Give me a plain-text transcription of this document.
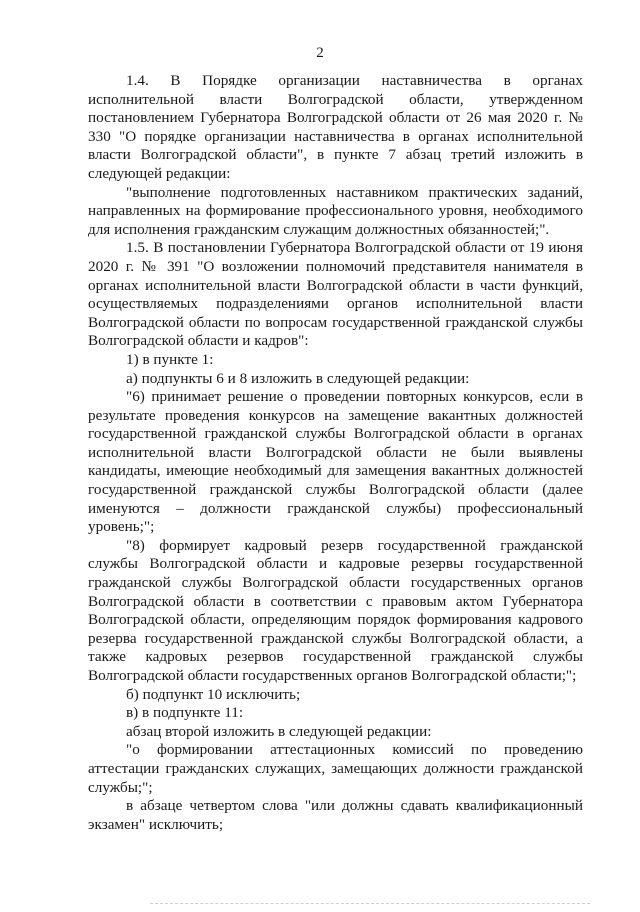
2

1.4. В Порядке организации наставничества в органах исполнительной власти Волгоградской области, утвержденном постановлением Губернатора Волгоградской области от 26 мая 2020 г. № 330 "О порядке организации наставничества в органах исполнительной власти Волгоградской области", в пункте 7 абзац третий изложить в следующей редакции:

"выполнение подготовленных наставником практических заданий, направленных на формирование профессионального уровня, необходимого для исполнения гражданским служащим должностных обязанностей;".

1.5. В постановлении Губернатора Волгоградской области от 19 июня 2020 г. № 391 "О возложении полномочий представителя нанимателя в органах исполнительной власти Волгоградской области в части функций, осуществляемых подразделениями органов исполнительной власти Волгоградской области по вопросам государственной гражданской службы Волгоградской области и кадров":

1) в пункте 1:

а) подпункты 6 и 8 изложить в следующей редакции:

"6) принимает решение о проведении повторных конкурсов, если в результате проведения конкурсов на замещение вакантных должностей государственной гражданской службы Волгоградской области в органах исполнительной власти Волгоградской области не были выявлены кандидаты, имеющие необходимый для замещения вакантных должностей государственной гражданской службы Волгоградской области (далее именуются – должности гражданской службы) профессиональный уровень;";

"8) формирует кадровый резерв государственной гражданской службы Волгоградской области и кадровые резервы государственной гражданской службы Волгоградской области государственных органов Волгоградской области в соответствии с правовым актом Губернатора Волгоградской области, определяющим порядок формирования кадрового резерва государственной гражданской службы Волгоградской области, а также кадровых резервов государственной гражданской службы Волгоградской области государственных органов Волгоградской области;";

б) подпункт 10 исключить;

в) в подпункте 11:

абзац второй изложить в следующей редакции:

"о формировании аттестационных комиссий по проведению аттестации гражданских служащих, замещающих должности гражданской службы;";

в абзаце четвертом слова "или должны сдавать квалификационный экзамен" исключить;
